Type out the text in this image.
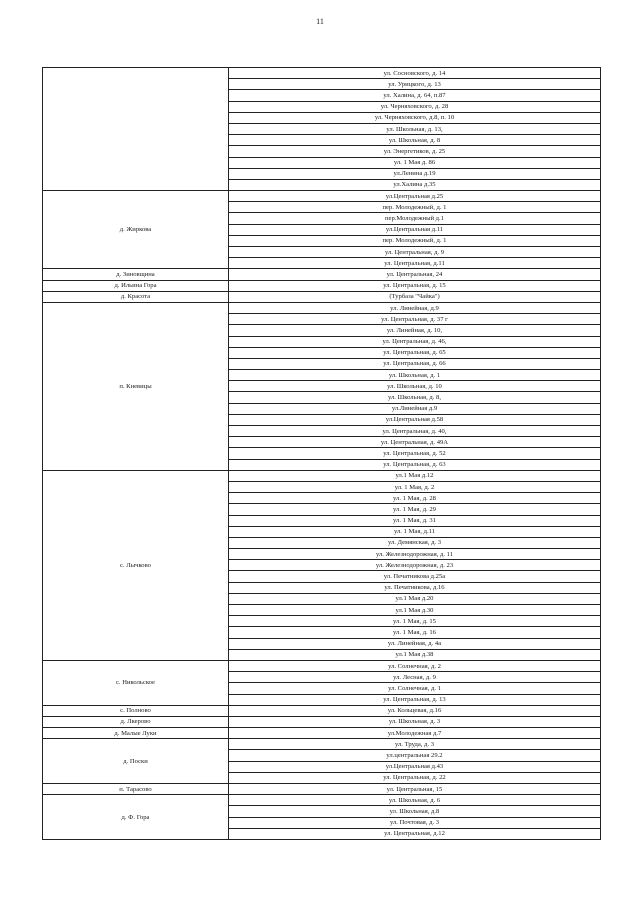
11
	ул. Сосновского, д. 14
	ул. Урицкого, д. 13
	ул. Халина, д. 64, п.87
	ул. Черняховского, д. 28
	ул. Черняховского, д.8, п. 10
	ул. Школьная, д. 13,
	ул. Школьная, д. 8
	ул. Энергетиков, д. 25
	ул. 1 Мая д. 86
	ул.Ленина д.19
	ул.Халина д.35
д. Жиркова	ул.Центральная д.25
	пер. Молодежный, д. 1
	пер.Молодежный д.1
	ул.Центральная д.11
	пер. Молодежный, д. 1
	ул. Центральная, д. 9
	ул. Центральная, д.11
д. Зиновщина	ул. Центральная, 24
д. Ильина Гора	ул. Центральная, д. 15
д. Красота	(Турбаза "Чайка")
п. Кневицы	ул. Линейная, д.9
	ул. Центральная, д. 37 г
	ул. Линейная, д. 10,
	ул. Центральная, д. 46,
	ул. Центральная, д. 65
	ул. Центральная, д. 66
	ул. Школьная, д. 1
	ул. Школьная, д. 10
	ул. Школьная, д. 8,
	ул.Линейная д.9
	ул.Центральная д.58
	ул. Центральная, д. 40,
	ул. Центральная, д. 49А
	ул. Центральная, д. 52
	ул. Центральная, д. 63
с. Лычково	ул.1 Мая д.12
	ул. 1 Мая, д. 2
	ул. 1 Мая, д. 28
	ул. 1 Мая, д. 29
	ул. 1 Мая, д. 31
	ул. 1 Мая, д.11
	ул. Демянская, д. 3
	ул. Железнодорожная, д. 11
	ул. Железнодорожная, д. 23
	ул. Печатникова д.25а
	ул. Печатникова, д.16
	ул.1 Мая д.20
	ул.1 Мая д.30
	ул. 1 Мая, д. 15
	ул. 1 Мая, д. 16
	ул. Линейная, д. 4а
	ул.1 Мая д.38
с. Никольское	ул. Солнечная, д. 2
	ул. Лесная, д. 9
	ул. Солнечная, д. 1
	ул. Центральная, д. 13
с. Полново	ул. Кольцевая, д.16
д. Лкерово	ул. Школьная, д. 3
д. Малые Луки	ул.Молодежная д.7
д. Поски	ул. Труда, д. 3
	ул.центральная 29.2
	ул.Центральная д.43
	ул. Центральная, д. 22
п. Тарасово	ул. Центральная, 15
д. Ф. Гора	ул. Школьная, д. 6
	ул. Школьная, д.8
	ул. Почтовая, д. 3
	ул. Центральная, д.12
